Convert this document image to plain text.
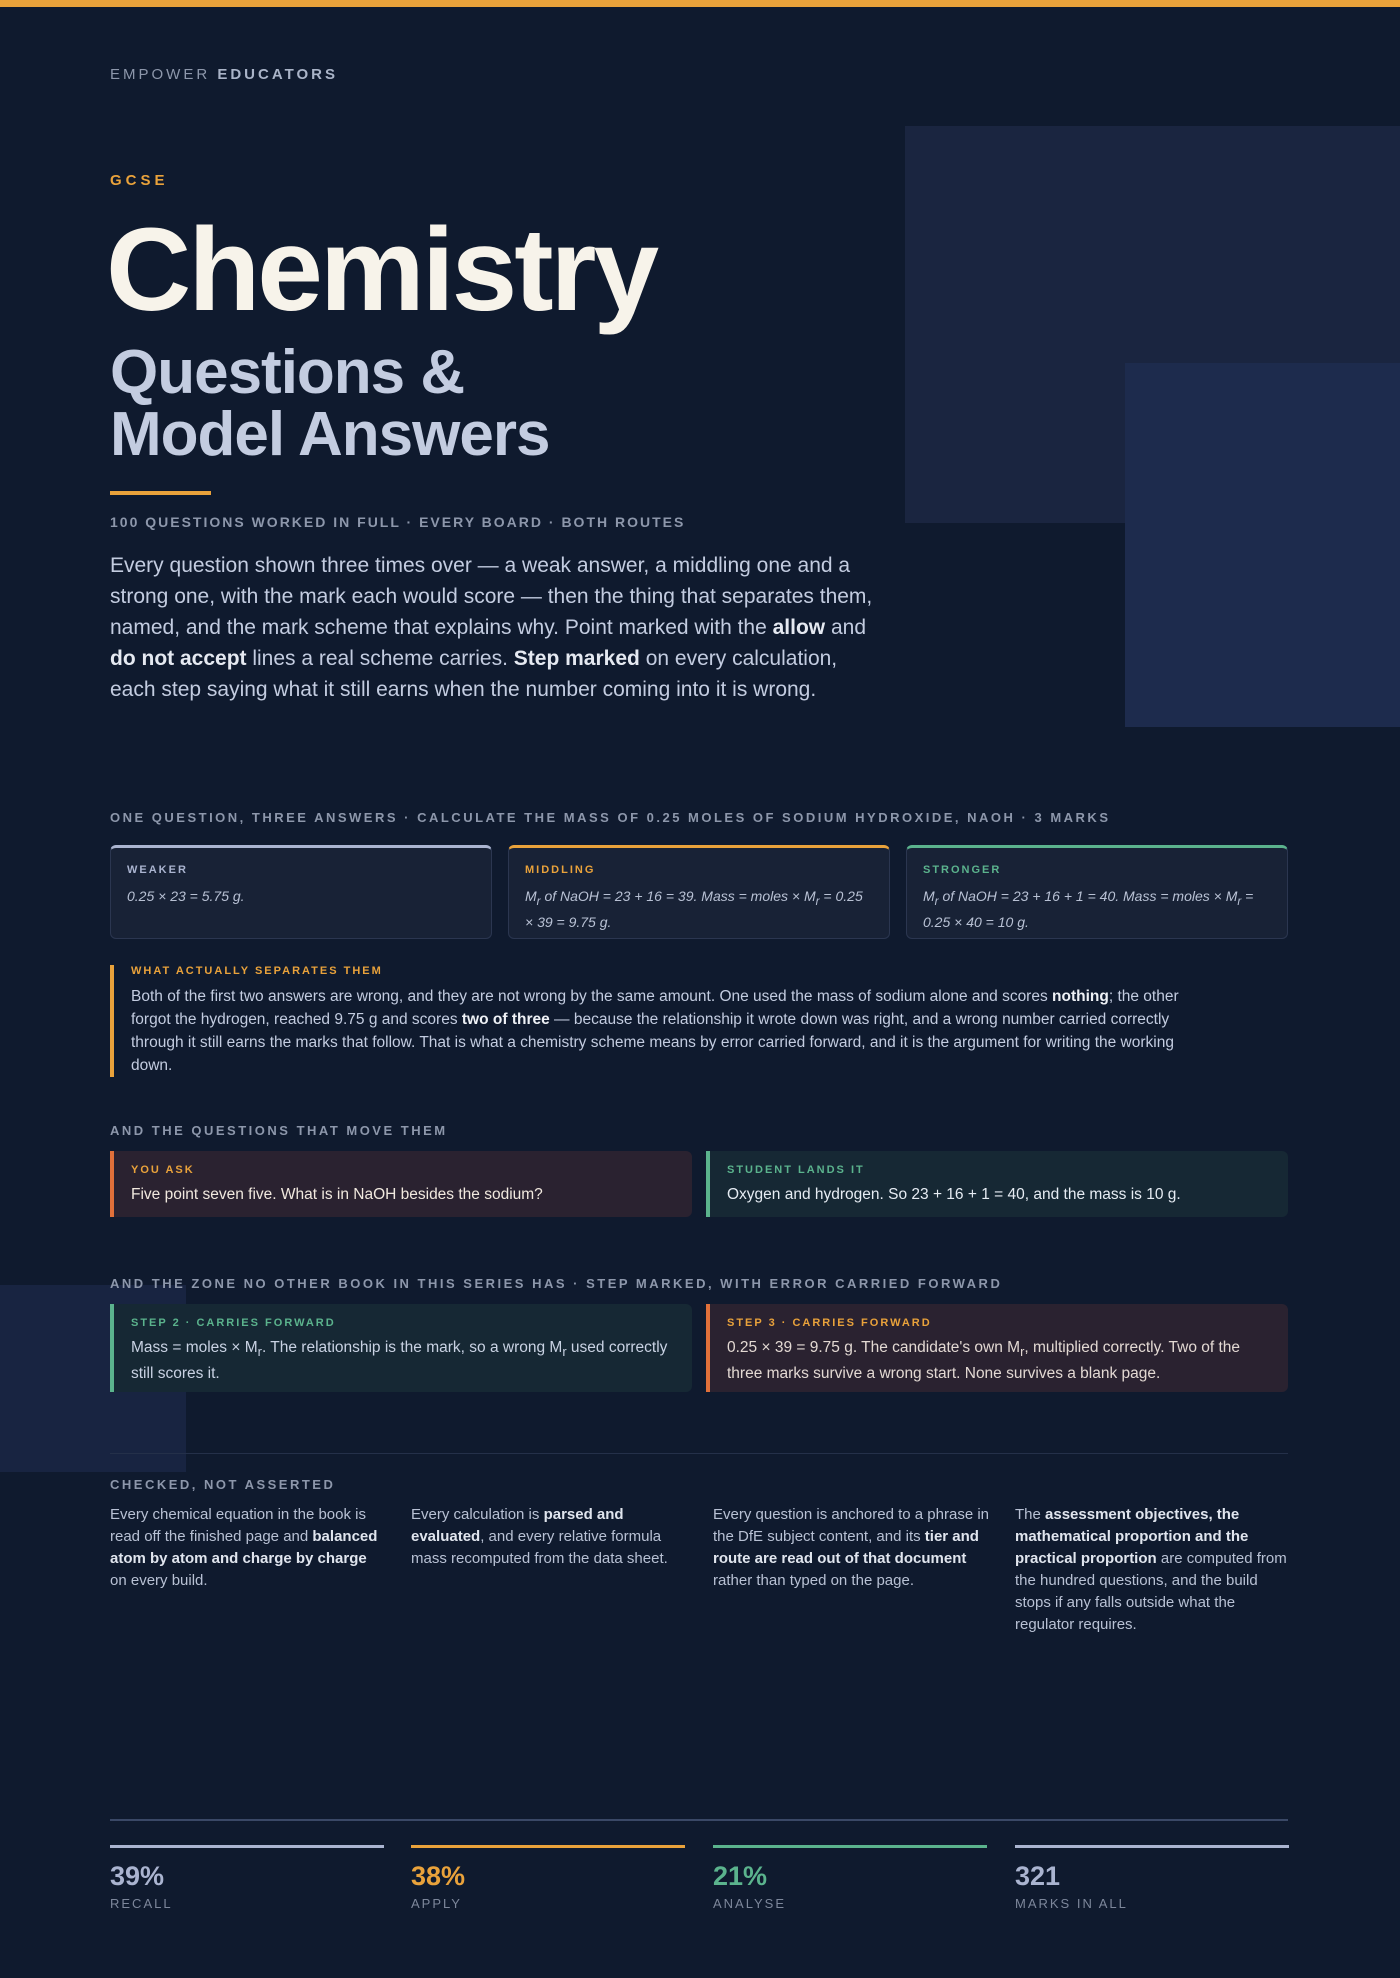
EMPOWER EDUCATORS
GCSE
Chemistry
Questions &
Model Answers
100 QUESTIONS WORKED IN FULL · EVERY BOARD · BOTH ROUTES
Every question shown three times over — a weak answer, a middling one and a strong one, with the mark each would score — then the thing that separates them, named, and the mark scheme that explains why. Point marked with the allow and do not accept lines a real scheme carries. Step marked on every calculation, each step saying what it still earns when the number coming into it is wrong.
ONE QUESTION, THREE ANSWERS · CALCULATE THE MASS OF 0.25 MOLES OF SODIUM HYDROXIDE, NAOH · 3 MARKS
WEAKER
0.25 × 23 = 5.75 g.
MIDDLING
$M_r$ of NaOH = 23 + 16 = 39. Mass = moles × $M_r = 0.25 \times 39 = 9.75$ g.
STRONGER
$M_r$ of NaOH = 23 + 16 + 1 = 40. Mass = moles × $M_r = 0.25 \times 40 = 10$ g.
WHAT ACTUALLY SEPARATES THEM
Both of the first two answers are wrong, and they are not wrong by the same amount. One used the mass of sodium alone and scores nothing; the other forgot the hydrogen, reached 9.75 g and scores two of three — because the relationship it wrote down was right, and a wrong number carried correctly through it still earns the marks that follow. That is what a chemistry scheme means by error carried forward, and it is the argument for writing the working down.
AND THE QUESTIONS THAT MOVE THEM
YOU ASK
Five point seven five. What is in NaOH besides the sodium?
STUDENT LANDS IT
Oxygen and hydrogen. So 23 + 16 + 1 = 40, and the mass is 10 g.
AND THE ZONE NO OTHER BOOK IN THIS SERIES HAS · STEP MARKED, WITH ERROR CARRIED FORWARD
STEP 2 · CARRIES FORWARD
Mass = moles × $M_r$. The relationship is the mark, so a wrong $M_r$ used correctly still scores it.
STEP 3 · CARRIES FORWARD
0.25 × 39 = 9.75 g. The candidate's own $M_r$, multiplied correctly. Two of the three marks survive a wrong start. None survives a blank page.
CHECKED, NOT ASSERTED
Every chemical equation in the book is read off the finished page and balanced atom by atom and charge by charge on every build.
Every calculation is parsed and evaluated, and every relative formula mass recomputed from the data sheet.
Every question is anchored to a phrase in the DfE subject content, and its tier and route are read out of that document rather than typed on the page.
The assessment objectives, the mathematical proportion and the practical proportion are computed from the hundred questions, and the build stops if any falls outside what the regulator requires.
39%
RECALL
38%
APPLY
21%
ANALYSE
321
MARKS IN ALL
